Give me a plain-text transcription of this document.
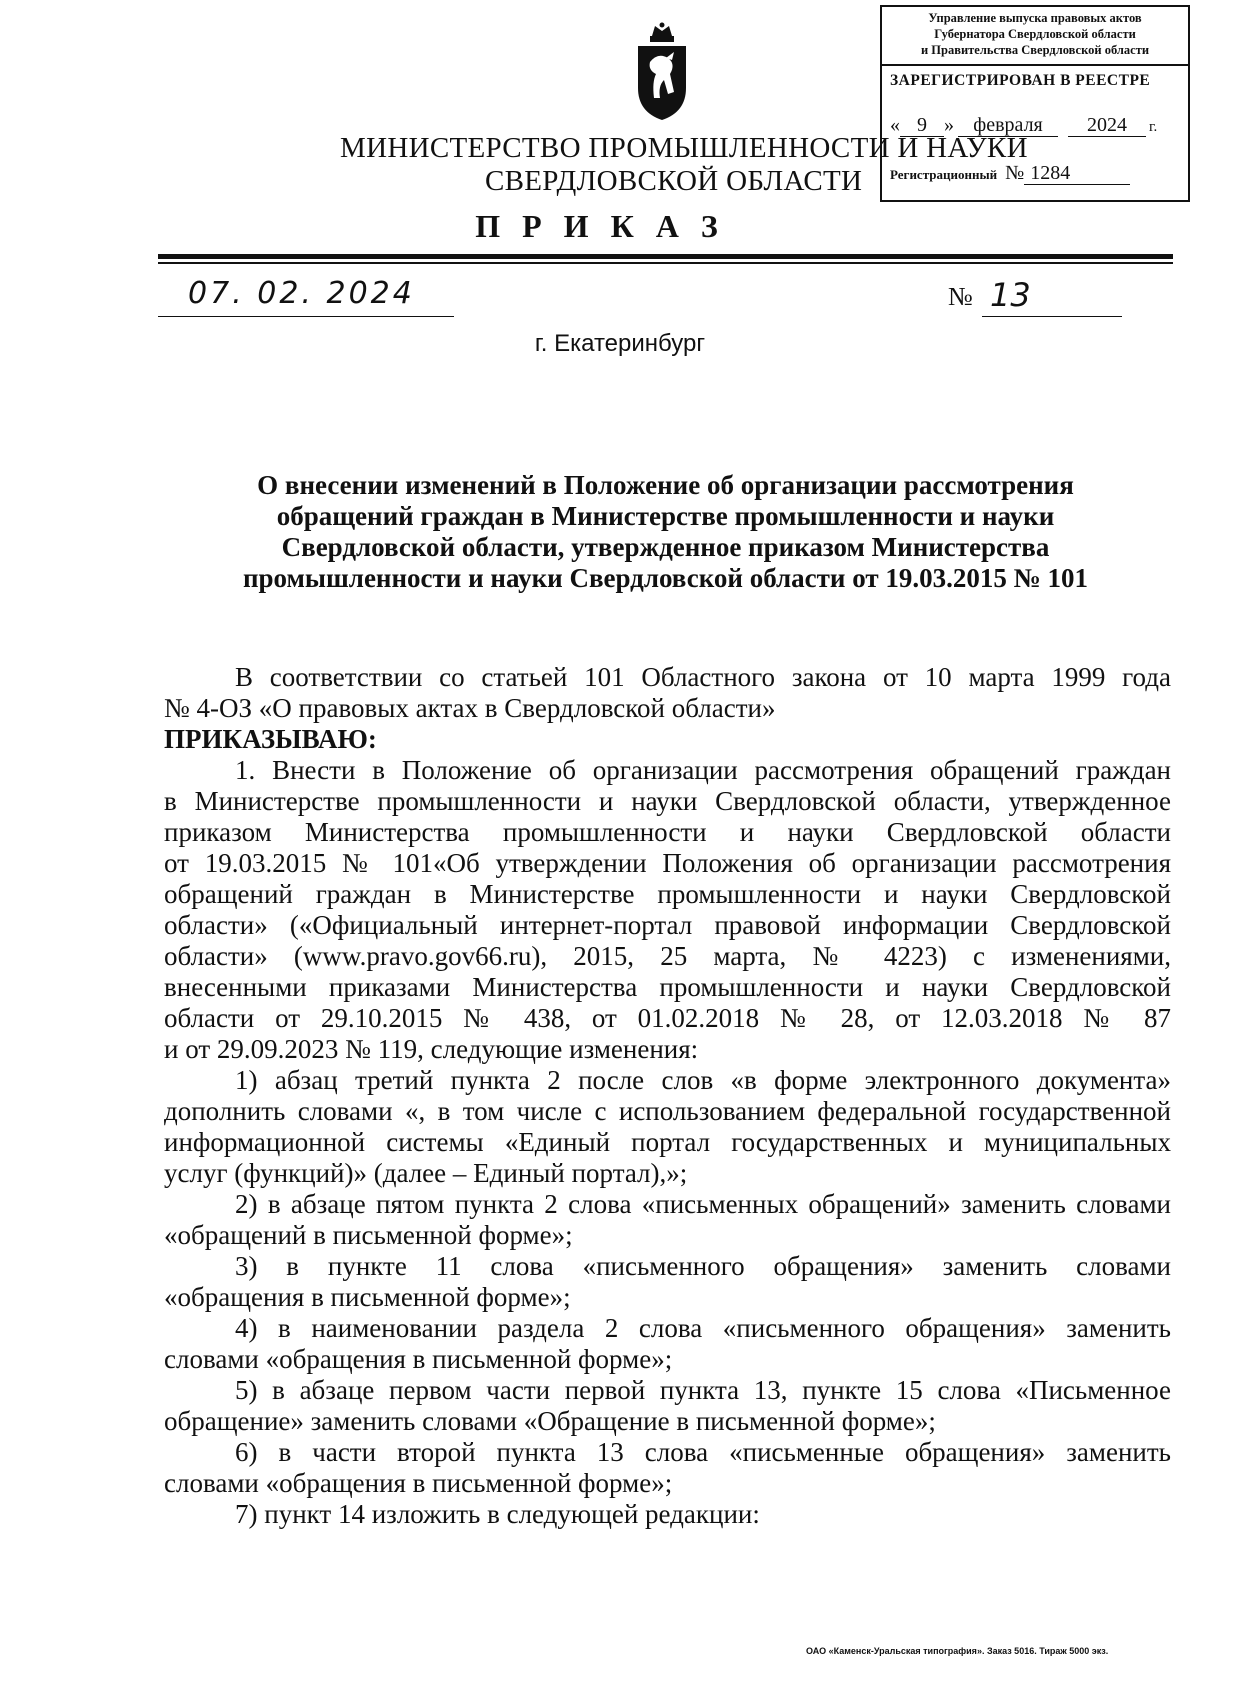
Управление выпуска правовых актов
Губернатора Свердловской области
и Правительства Свердловской области
ЗАРЕГИСТРИРОВАН В РЕЕСТРЕ
« 9 » февраля 2024 г.
Регистрационный № 1284
МИНИСТЕРСТВО ПРОМЫШЛЕННОСТИ И НАУКИ
СВЕРДЛОВСКОЙ ОБЛАСТИ
П Р И К А З
07. 02. 2024	№ 13
г. Екатеринбург
О внесении изменений в Положение об организации рассмотрения
обращений граждан в Министерстве промышленности и науки
Свердловской области, утвержденное приказом Министерства
промышленности и науки Свердловской области от 19.03.2015 № 101
В соответствии со статьей 101 Областного закона от 10 марта 1999 года
№ 4-ОЗ «О правовых актах в Свердловской области»
ПРИКАЗЫВАЮ:
1. Внести в Положение об организации рассмотрения обращений граждан
в Министерстве промышленности и науки Свердловской области, утвержденное
приказом Министерства промышленности и науки Свердловской области
от 19.03.2015 № 101«Об утверждении Положения об организации рассмотрения
обращений граждан в Министерстве промышленности и науки Свердловской
области» («Официальный интернет-портал правовой информации Свердловской
области» (www.pravo.gov66.ru), 2015, 25 марта, № 4223) с изменениями,
внесенными приказами Министерства промышленности и науки Свердловской
области от 29.10.2015 № 438, от 01.02.2018 № 28, от 12.03.2018 № 87
и от 29.09.2023 № 119, следующие изменения:
1) абзац третий пункта 2 после слов «в форме электронного документа»
дополнить словами «, в том числе с использованием федеральной государственной
информационной системы «Единый портал государственных и муниципальных
услуг (функций)» (далее – Единый портал),»;
2) в абзаце пятом пункта 2 слова «письменных обращений» заменить словами
«обращений в письменной форме»;
3) в пункте 11 слова «письменного обращения» заменить словами
«обращения в письменной форме»;
4) в наименовании раздела 2 слова «письменного обращения» заменить
словами «обращения в письменной форме»;
5) в абзаце первом части первой пункта 13, пункте 15 слова «Письменное
обращение» заменить словами «Обращение в письменной форме»;
6) в части второй пункта 13 слова «письменные обращения» заменить
словами «обращения в письменной форме»;
7) пункт 14 изложить в следующей редакции:
ОАО «Каменск-Уральская типография». Заказ 5016. Тираж 5000 экз.
